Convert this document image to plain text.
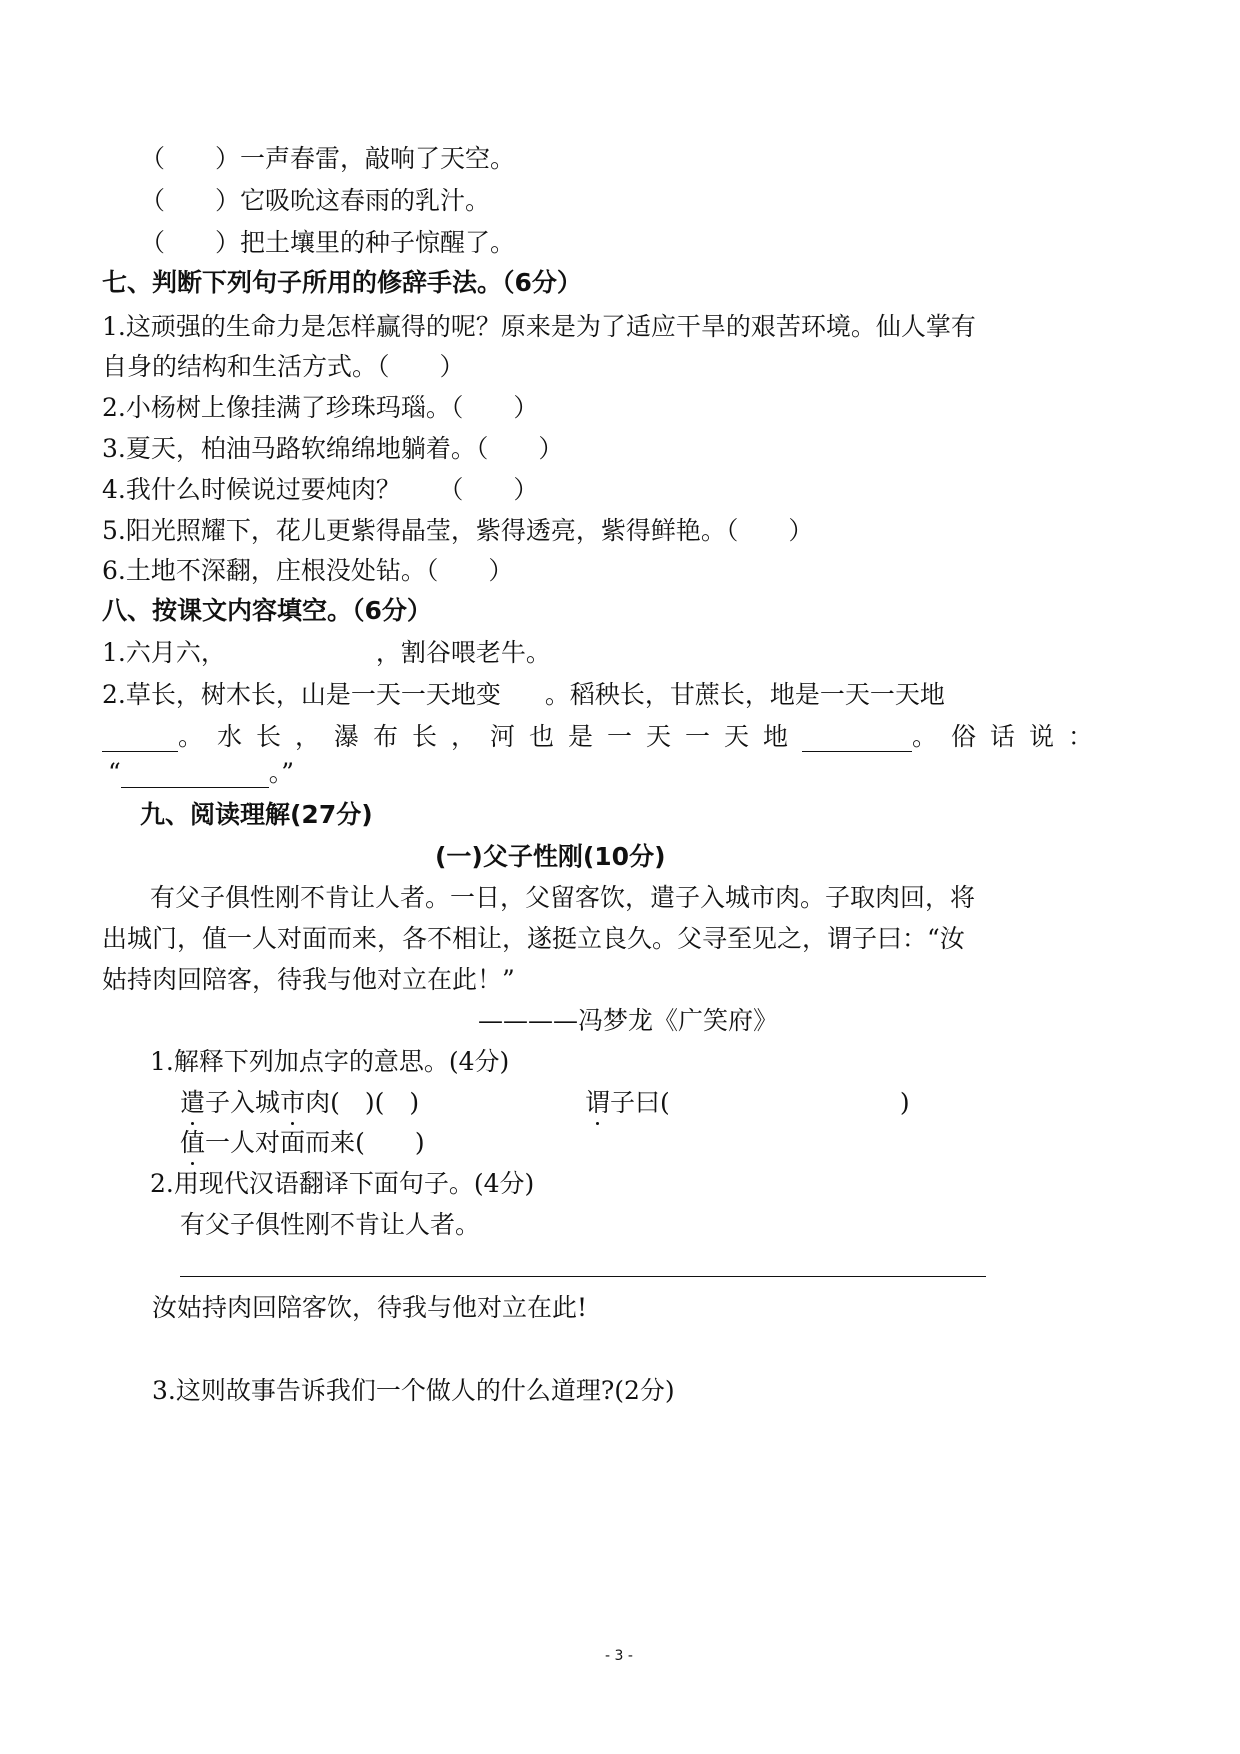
（　　）一声春雷，敲响了天空。
（　　）它吸吮这春雨的乳汁。
（　　）把土壤里的种子惊醒了。
七、判断下列句子所用的修辞手法。（6分）
1.这顽强的生命力是怎样赢得的呢？原来是为了适应干旱的艰苦环境。仙人掌有
自身的结构和生活方式。（　　）
2.小杨树上像挂满了珍珠玛瑙。（　　）
3.夏天，柏油马路软绵绵地躺着。（　　）
4.我什么时候说过要炖肉？　　（　　）
5.阳光照耀下，花儿更紫得晶莹，紫得透亮，紫得鲜艳。（　　）
6.土地不深翻，庄根没处钻。（　　）
八、按课文内容填空。（6分）
1.六月六，	，割谷喂老牛。
2.草长，树木长，山是一天一天地变 。稻秧长，甘蔗长，地是一天一天地
。水长，瀑布长，河也是一天一天地	。俗话说：
“	。”
九、阅读理解(27分)
(一)父子性刚(10分)
有父子俱性刚不肯让人者。一日，父留客饮，遣子入城市肉。子取肉回，将
出城门，值一人对面而来，各不相让，遂挺立良久。父寻至见之，谓子曰：“汝
姑持肉回陪客，待我与他对立在此！”
————冯梦龙《广笑府》
1.解释下列加点字的意思。(4分)
遣子入城市肉(　)(　)	谓子曰(	)
值一人对面而来(　　)
2.用现代汉语翻译下面句子。(4分)
有父子俱性刚不肯让人者。
汝姑持肉回陪客饮，待我与他对立在此!
3.这则故事告诉我们一个做人的什么道理?(2分)
- 3 -
